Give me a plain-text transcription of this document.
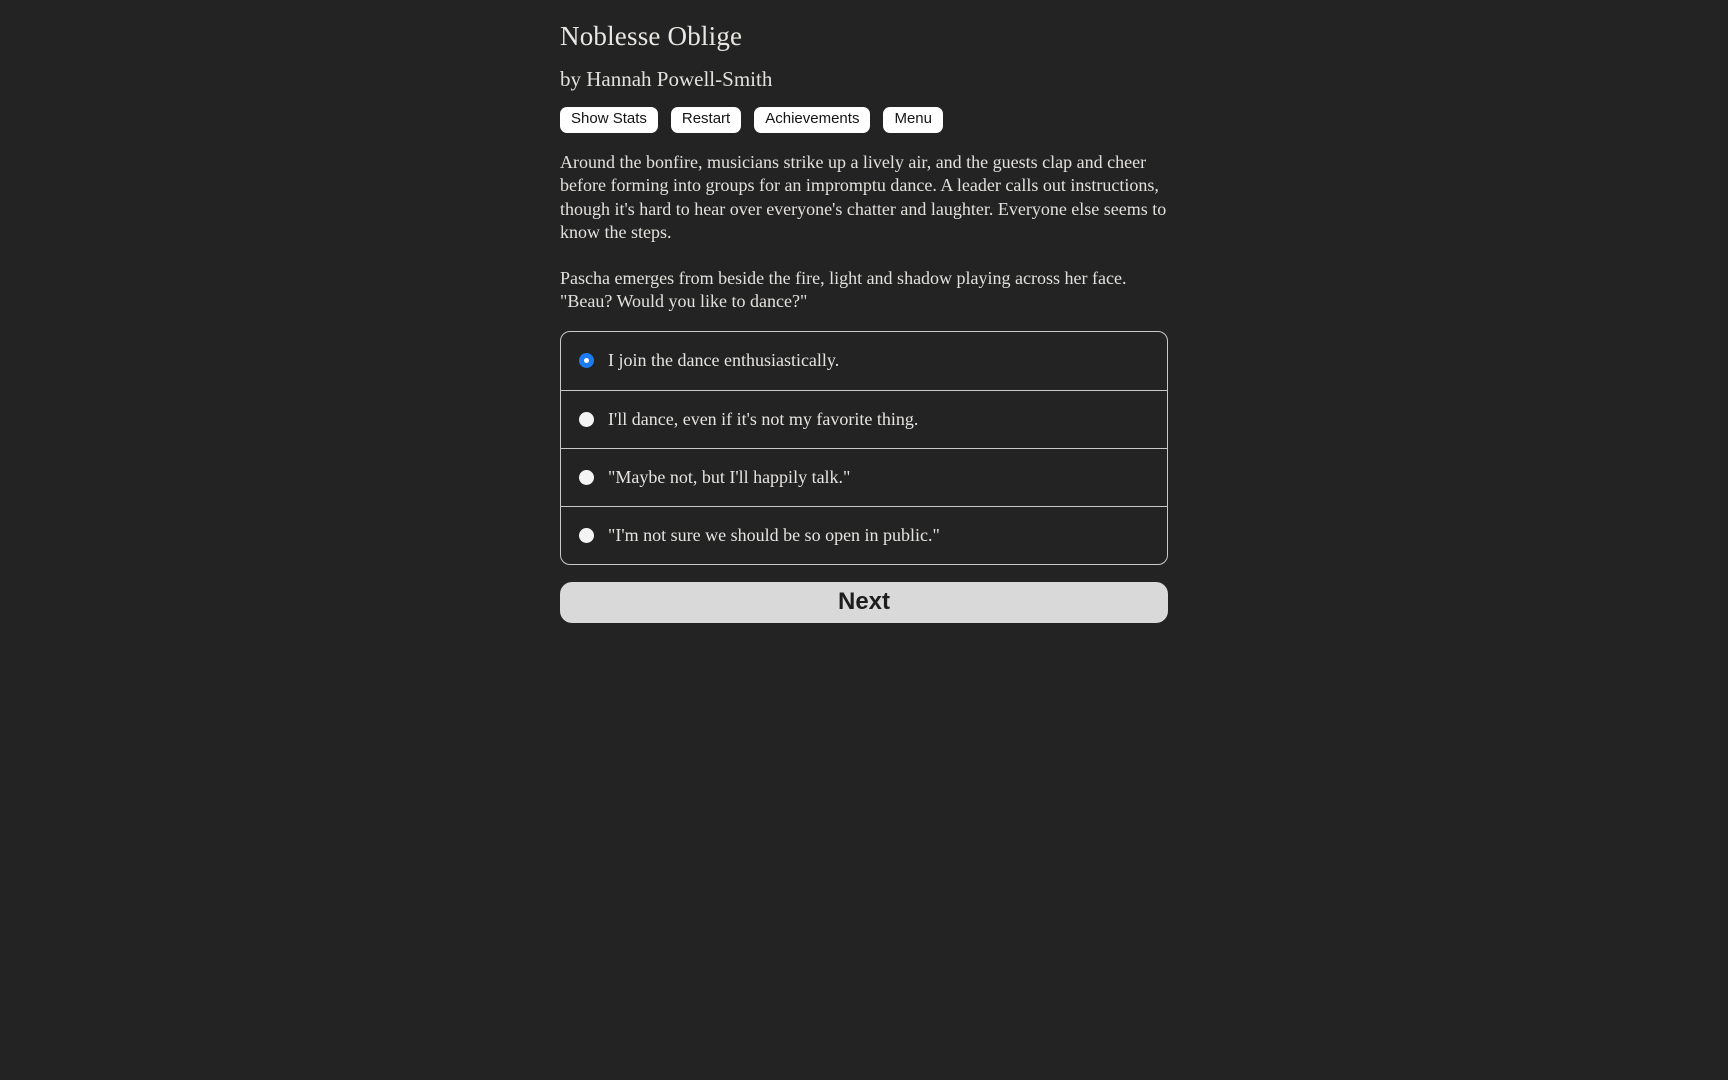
Noblesse Oblige
by Hannah Powell-Smith
Show Stats	Restart	Achievements	Menu

Around the bonfire, musicians strike up a lively air, and the guests clap and cheer before forming into groups for an impromptu dance. A leader calls out instructions, though it's hard to hear over everyone's chatter and laughter. Everyone else seems to know the steps.

Pascha emerges from beside the fire, light and shadow playing across her face. "Beau? Would you like to dance?"

I join the dance enthusiastically.
I'll dance, even if it's not my favorite thing.
"Maybe not, but I'll happily talk."
"I'm not sure we should be so open in public."
Next
